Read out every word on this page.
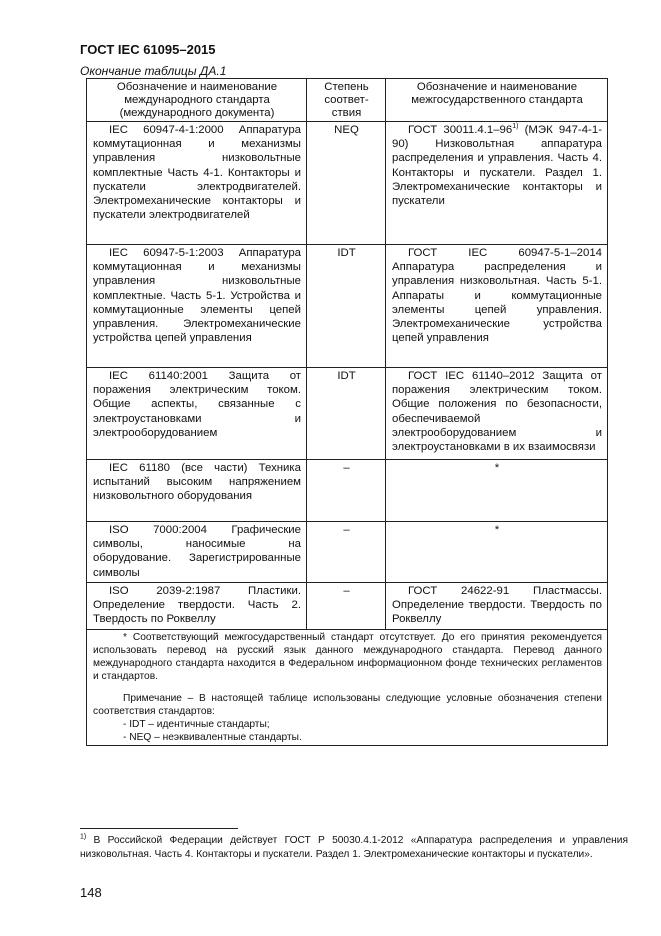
ГОСТ IEC 61095–2015
Окончание таблицы ДА.1
Обозначение и наименование международного стандарта (международного документа)	Степень соответ-ствия	Обозначение и наименование межгосударственного стандарта
IEC 60947-4-1:2000 Аппаратура коммутационная и механизмы управления низковольтные комплектные Часть 4-1. Контакторы и пускатели электродвигателей. Электромеханические контакторы и пускатели электродвигателей	NEQ	ГОСТ 30011.4.1–96$^{1)}$ (МЭК 947-4-1-90) Низковольтная аппаратура распределения и управления. Часть 4. Контакторы и пускатели. Раздел 1. Электромеханические контакторы и пускатели
IEC 60947-5-1:2003 Аппаратура коммутационная и механизмы управления низковольтные комплектные. Часть 5-1. Устройства и коммутационные элементы цепей управления. Электромеханические устройства цепей управления	IDT	ГОСТ IEC 60947-5-1–2014 Аппаратура распределения и управления низковольтная. Часть 5-1. Аппараты и коммутационные элементы цепей управления. Электромеханические устройства цепей управления
IEC 61140:2001 Защита от поражения электрическим током. Общие аспекты, связанные с электроустановками и электрооборудованием	IDT	ГОСТ IEC 61140–2012 Защита от поражения электрическим током. Общие положения по безопасности, обеспечиваемой электрооборудованием и электроустановками в их взаимосвязи
IEC 61180 (все части) Техника испытаний высоким напряжением низковольтного оборудования	–	*
ISO 7000:2004 Графические символы, наносимые на оборудование. Зарегистрированные символы	–	*
ISO 2039-2:1987 Пластики. Определение твердости. Часть 2. Твердость по Роквеллу	–	ГОСТ 24622-91 Пластмассы. Определение твердости. Твердость по Роквеллу

* Соответствующий межгосударственный стандарт отсутствует. До его принятия рекомендуется использовать перевод на русский язык данного международного стандарта. Перевод данного международного стандарта находится в Федеральном информационном фонде технических регламентов и стандартов.

Примечание – В настоящей таблице использованы следующие условные обозначения степени соответствия стандартов:

- IDT – идентичные стандарты;

- NEQ – неэквивалентные стандарты.		

$^{1)}$ В Российской Федерации действует ГОСТ Р 50030.4.1-2012 «Аппаратура распределения и управления низковольтная. Часть 4. Контакторы и пускатели. Раздел 1. Электромеханические контакторы и пускатели».
148
